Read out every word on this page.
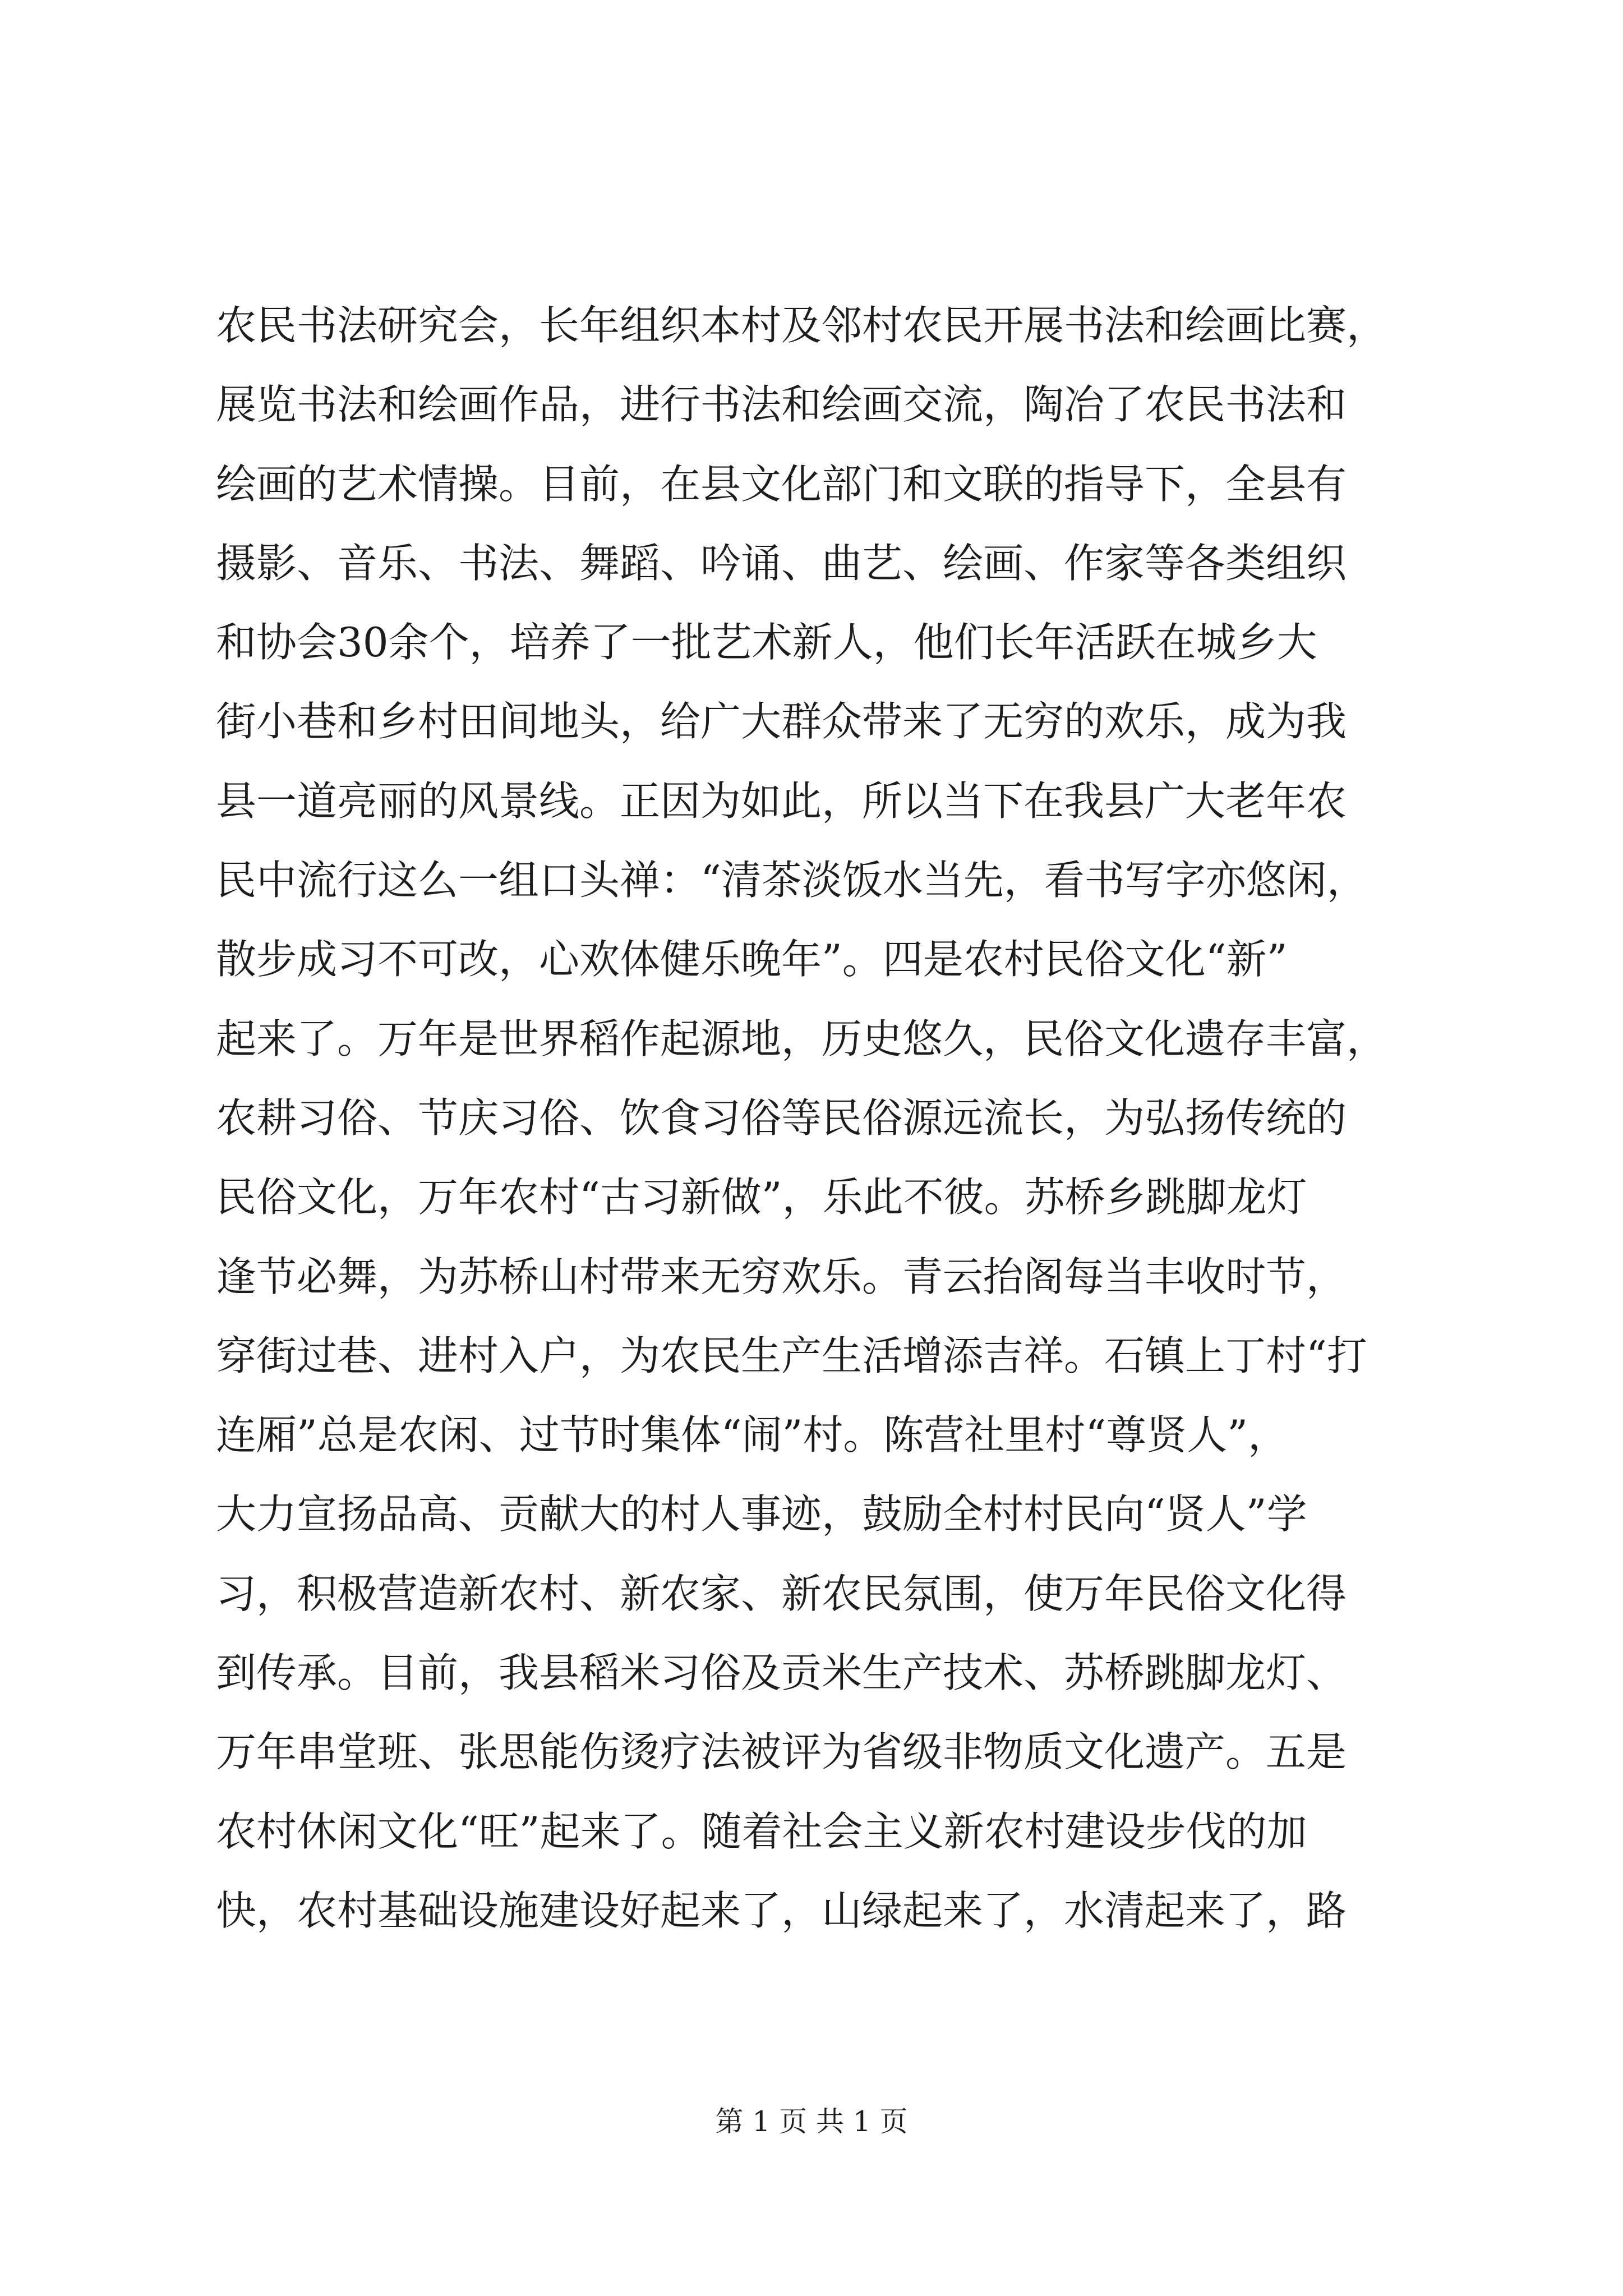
农民书法研究会，长年组织本村及邻村农民开展书法和绘画比赛，
展览书法和绘画作品，进行书法和绘画交流，陶冶了农民书法和
绘画的艺术情操。目前，在县文化部门和文联的指导下，全县有
摄影、音乐、书法、舞蹈、吟诵、曲艺、绘画、作家等各类组织
和协会30余个，培养了一批艺术新人，他们长年活跃在城乡大
街小巷和乡村田间地头，给广大群众带来了无穷的欢乐，成为我
县一道亮丽的风景线。正因为如此，所以当下在我县广大老年农
民中流行这么一组口头禅：“清茶淡饭水当先，看书写字亦悠闲，
散步成习不可改，心欢体健乐晚年”。四是农村民俗文化“新”
起来了。万年是世界稻作起源地，历史悠久，民俗文化遗存丰富，
农耕习俗、节庆习俗、饮食习俗等民俗源远流长，为弘扬传统的
民俗文化，万年农村“古习新做”，乐此不彼。苏桥乡跳脚龙灯
逢节必舞，为苏桥山村带来无穷欢乐。青云抬阁每当丰收时节，
穿街过巷、进村入户，为农民生产生活增添吉祥。石镇上丁村“打
连厢”总是农闲、过节时集体“闹”村。陈营社里村“尊贤人”，
大力宣扬品高、贡献大的村人事迹，鼓励全村村民向“贤人”学
习，积极营造新农村、新农家、新农民氛围，使万年民俗文化得
到传承。目前，我县稻米习俗及贡米生产技术、苏桥跳脚龙灯、
万年串堂班、张思能伤烫疗法被评为省级非物质文化遗产。五是
农村休闲文化“旺”起来了。随着社会主义新农村建设步伐的加
快，农村基础设施建设好起来了，山绿起来了，水清起来了，路
第 1 页 共 1 页
